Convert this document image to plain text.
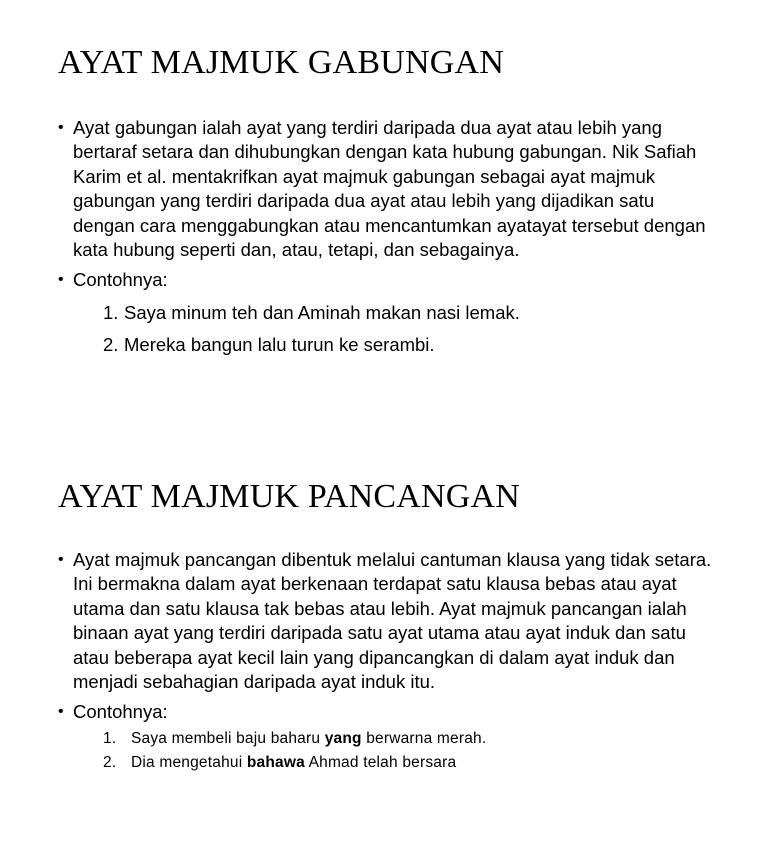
AYAT MAJMUK GABUNGAN
• Ayat gabungan ialah ayat yang terdiri daripada dua ayat atau lebih yang bertaraf setara dan dihubungkan dengan kata hubung gabungan. Nik Safiah Karim et al. mentakrifkan ayat majmuk gabungan sebagai ayat majmuk gabungan yang terdiri daripada dua ayat atau lebih yang dijadikan satu dengan cara menggabungkan atau mencantumkan ayatayat tersebut dengan kata hubung seperti dan, atau, tetapi, dan sebagainya.
• Contohnya:
1. Saya minum teh dan Aminah makan nasi lemak.
2. Mereka bangun lalu turun ke serambi.
AYAT MAJMUK PANCANGAN
• Ayat majmuk pancangan dibentuk melalui cantuman klausa yang tidak setara. Ini bermakna dalam ayat berkenaan terdapat satu klausa bebas atau ayat utama dan satu klausa tak bebas atau lebih. Ayat majmuk pancangan ialah binaan ayat yang terdiri daripada satu ayat utama atau ayat induk dan satu atau beberapa ayat kecil lain yang dipancangkan di dalam ayat induk dan menjadi sebahagian daripada ayat induk itu.
• Contohnya:
1. Saya membeli baju baharu yang berwarna merah.
2. Dia mengetahui bahawa Ahmad telah bersara
